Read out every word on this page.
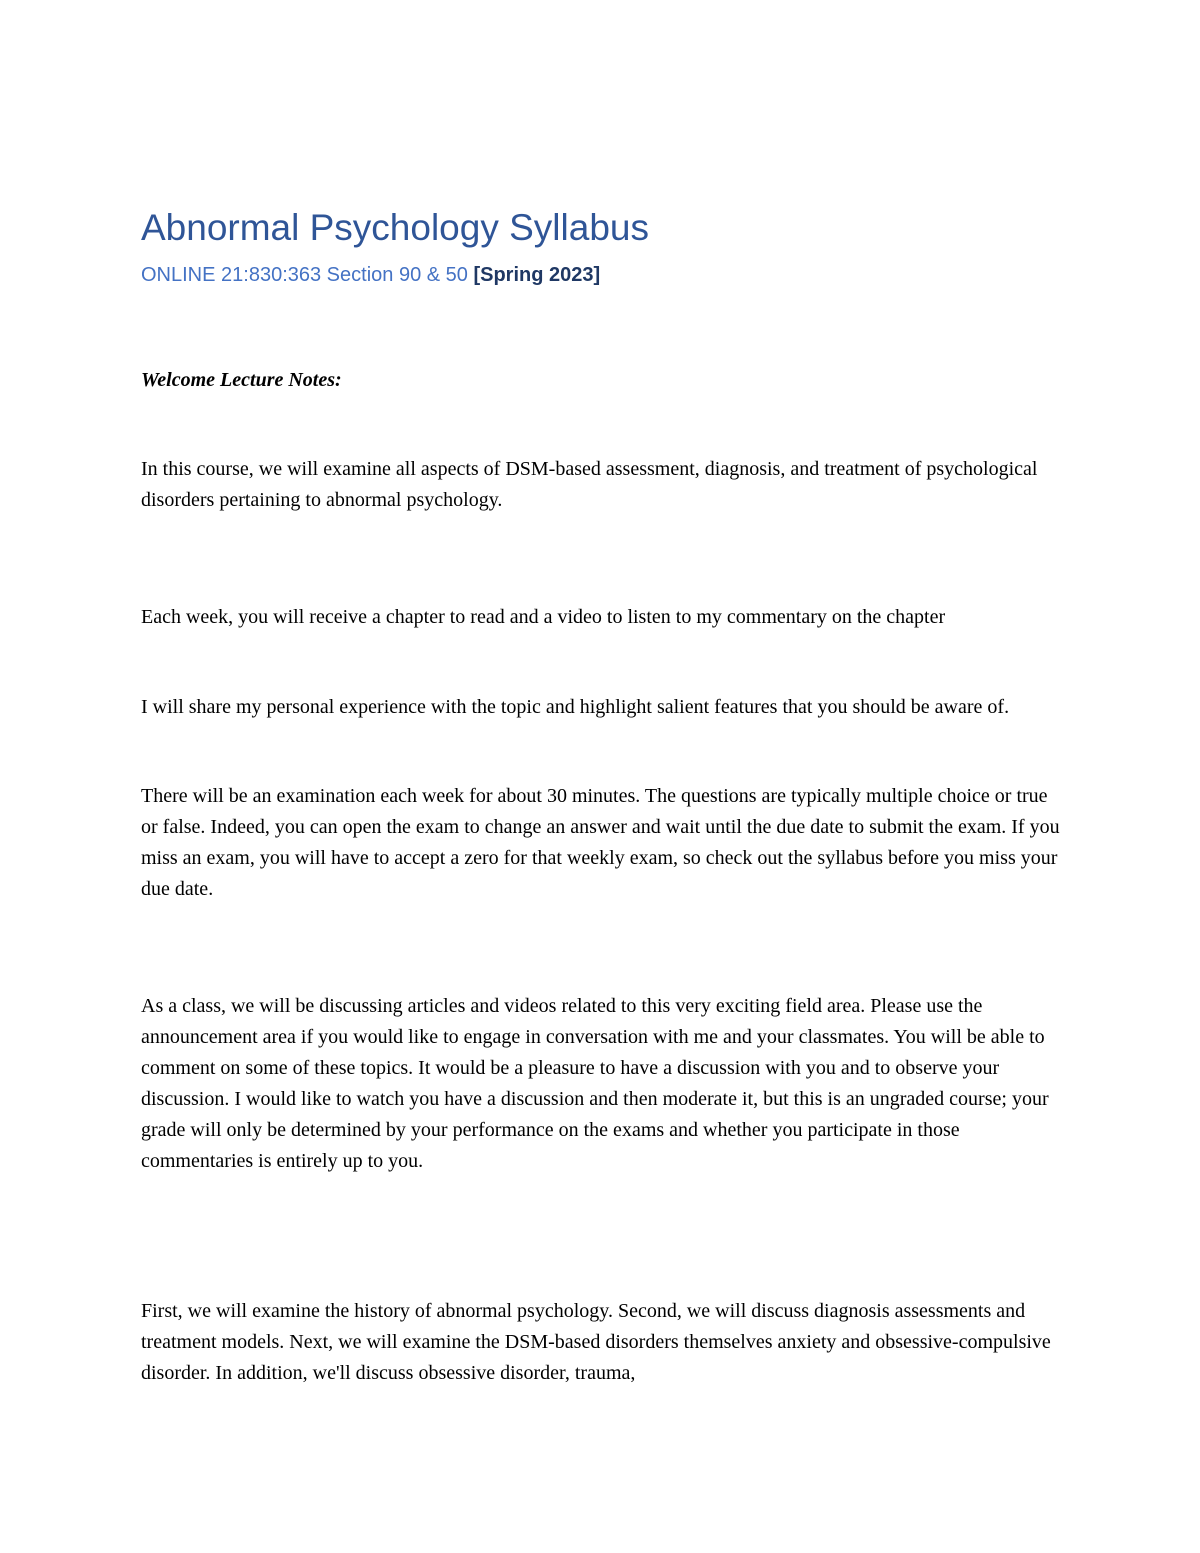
Abnormal Psychology Syllabus

ONLINE 21:830:363 Section 90 & 50 [Spring 2023]

Welcome Lecture Notes:

In this course, we will examine all aspects of DSM-based assessment, diagnosis, and treatment of psychological disorders pertaining to abnormal psychology.

Each week, you will receive a chapter to read and a video to listen to my commentary on the chapter

I will share my personal experience with the topic and highlight salient features that you should be aware of.

There will be an examination each week for about 30 minutes. The questions are typically multiple choice or true or false. Indeed, you can open the exam to change an answer and wait until the due date to submit the exam. If you miss an exam, you will have to accept a zero for that weekly exam, so check out the syllabus before you miss your due date.

As a class, we will be discussing articles and videos related to this very exciting field area. Please use the announcement area if you would like to engage in conversation with me and your classmates. You will be able to comment on some of these topics. It would be a pleasure to have a discussion with you and to observe your discussion. I would like to watch you have a discussion and then moderate it, but this is an ungraded course; your grade will only be determined by your performance on the exams and whether you participate in those commentaries is entirely up to you.

First, we will examine the history of abnormal psychology. Second, we will discuss diagnosis assessments and treatment models. Next, we will examine the DSM-based disorders themselves anxiety and obsessive-compulsive disorder. In addition, we'll discuss obsessive disorder, trauma,
